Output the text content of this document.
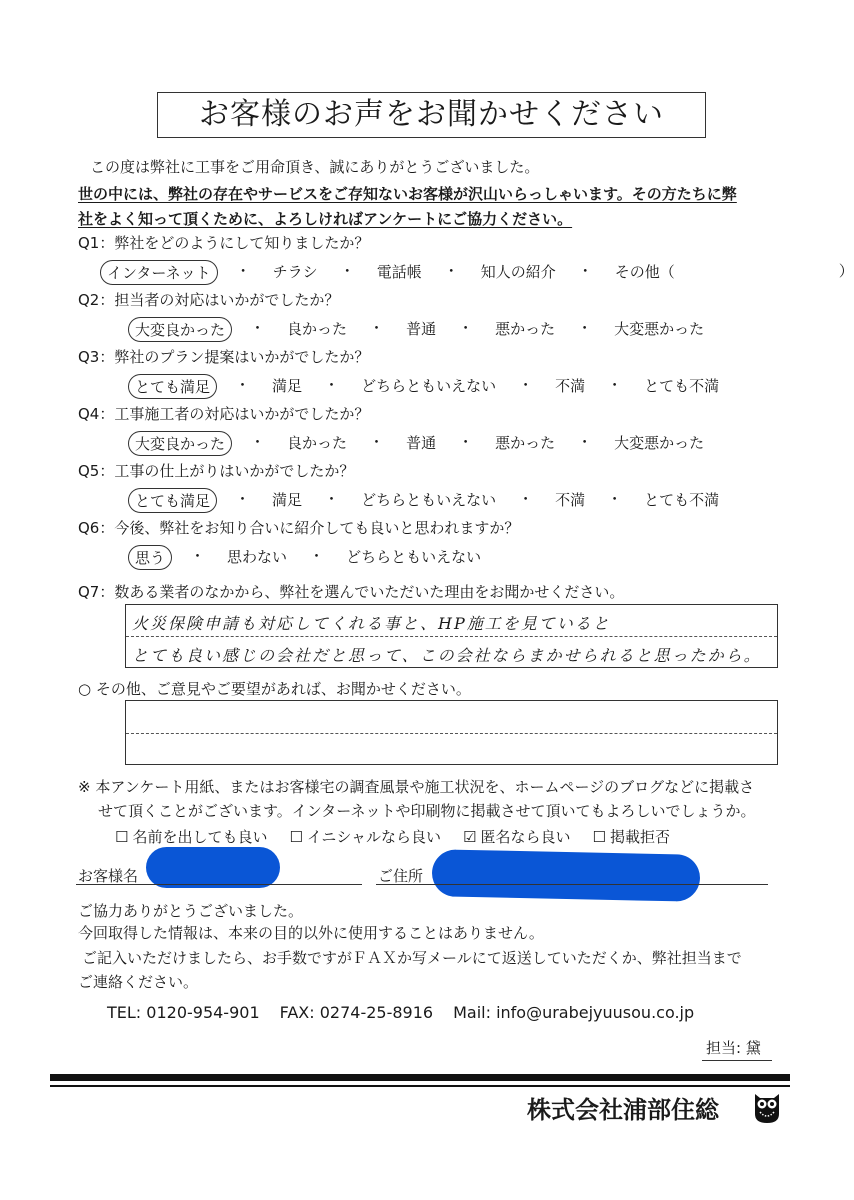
お客様のお声をお聞かせください
この度は弊社に工事をご用命頂き、誠にありがとうございました。
世の中には、弊社の存在やサービスをご存知ないお客様が沢山いらっしゃいます。その方たちに弊
社をよく知って頂くために、よろしければアンケートにご協力ください。
Q1：弊社をどのようにして知りましたか？
インターネット	・	チラシ	・	電話帳	・	知人の紹介	・	その他（	）
Q2：担当者の対応はいかがでしたか？
大変良かった	・	良かった	・	普通	・	悪かった	・	大変悪かった
Q3：弊社のプラン提案はいかがでしたか？
とても満足	・	満足	・	どちらともいえない	・	不満	・	とても不満
Q4：工事施工者の対応はいかがでしたか？
大変良かった	・	良かった	・	普通	・	悪かった	・	大変悪かった
Q5：工事の仕上がりはいかがでしたか？
とても満足	・	満足	・	どちらともいえない	・	不満	・	とても不満
Q6：今後、弊社をお知り合いに紹介しても良いと思われますか？
思う	・	思わない	・	どちらともいえない
Q7：数ある業者のなかから、弊社を選んでいただいた理由をお聞かせください。
火災保険申請も対応してくれる事と、HP施工を見ていると
とても良い感じの会社だと思って、この会社ならまかせられると思ったから。
○ その他、ご意見やご要望があれば、お聞かせください。
※ 本アンケート用紙、またはお客様宅の調査風景や施工状況を、ホームページのブログなどに掲載さ
せて頂くことがございます。インターネットや印刷物に掲載させて頂いてもよろしいでしょうか。
☐ 名前を出しても良い ☐ イニシャルなら良い ☑ 匿名なら良い ☐ 掲載拒否
お客様名	ご住所
ご協力ありがとうございました。
今回取得した情報は、本来の目的以外に使用することはありません。
ご記入いただけましたら、お手数ですがＦＡＸか写メールにて返送していただくか、弊社担当まで
ご連絡ください。
TEL: 0120-954-901 FAX: 0274-25-8916 Mail: info@urabejyuusou.co.jp
担当: 黛
株式会社浦部住総
